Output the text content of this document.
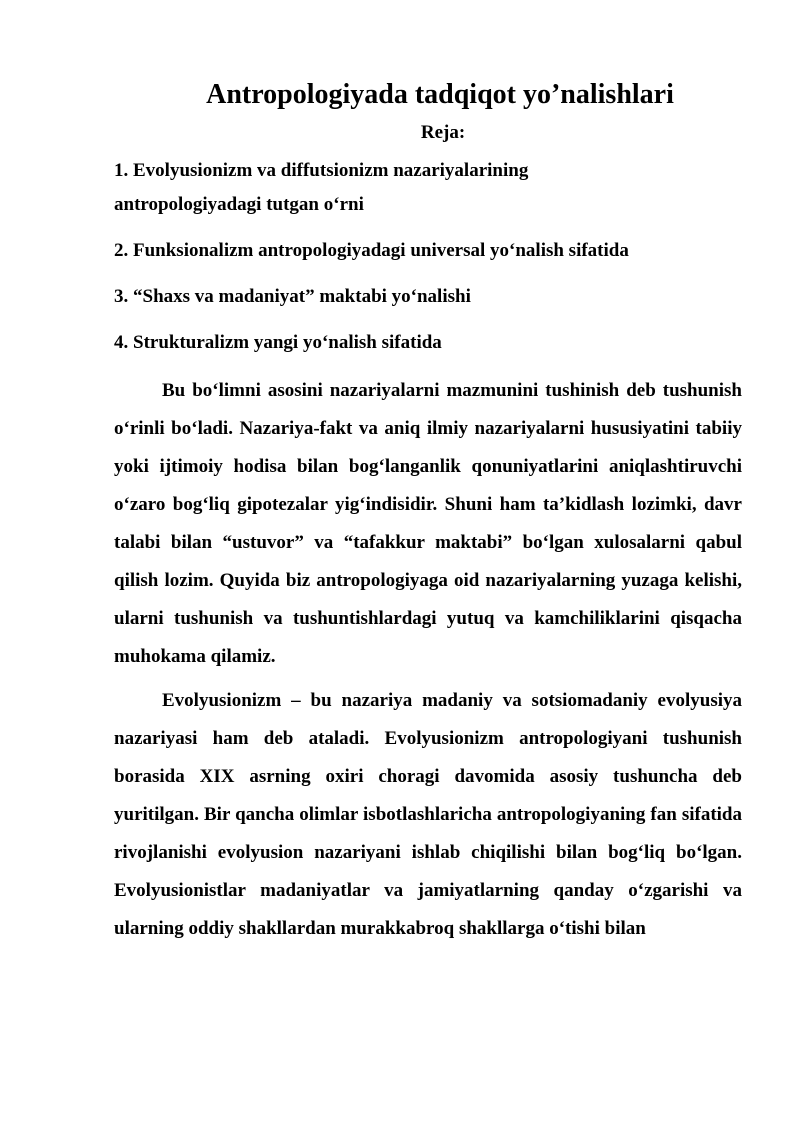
Antropologiyada tadqiqot yo’nalishlari
Reja:
1. Evolyusionizm va diffutsionizm nazariyalarining antropologiyadagi tutgan o‘rni
2. Funksionalizm antropologiyadagi universal yo‘nalish sifatida
3. “Shaxs va madaniyat” maktabi yo‘nalishi
4. Strukturalizm yangi yo‘nalish sifatida

Bu bo‘limni asosini nazariyalarni mazmunini tushinish deb tushunish o‘rinli bo‘ladi. Nazariya-fakt va aniq ilmiy nazariyalarni hususiyatini tabiiy yoki ijtimoiy hodisa bilan bog‘langanlik qonuniyatlarini aniqlashtiruvchi o‘zaro bog‘liq gipotezalar yig‘indisidir. Shuni ham ta’kidlash lozimki, davr talabi bilan “ustuvor” va “tafakkur maktabi” bo‘lgan xulosalarni qabul qilish lozim. Quyida biz antropologiyaga oid nazariyalarning yuzaga kelishi, ularni tushunish va tushuntishlardagi yutuq va kamchiliklarini qisqacha muhokama qilamiz.

Evolyusionizm – bu nazariya madaniy va sotsiomadaniy evolyusiya nazariyasi ham deb ataladi. Evolyusionizm antropologiyani tushunish borasida XIX asrning oxiri choragi davomida asosiy tushuncha deb yuritilgan. Bir qancha olimlar isbotlashlaricha antropologiyaning fan sifatida rivojlanishi evolyusion nazariyani ishlab chiqilishi bilan bog‘liq bo‘lgan. Evolyusionistlar madaniyatlar va jamiyatlarning qanday o‘zgarishi va ularning oddiy shakllardan murakkabroq shakllarga o‘tishi bilan
